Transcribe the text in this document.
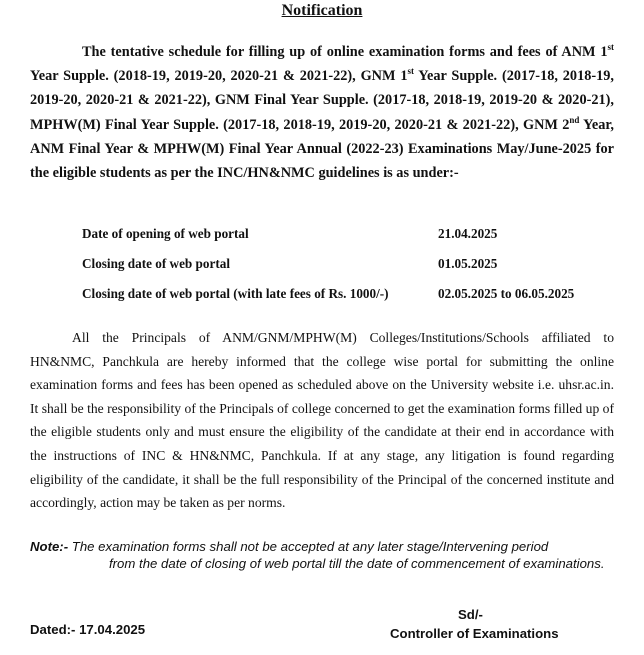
Notification
The tentative schedule for filling up of online examination forms and fees of ANM 1st Year Supple. (2018-19, 2019-20, 2020-21 & 2021-22), GNM 1st Year Supple. (2017-18, 2018-19, 2019-20, 2020-21 & 2021-22), GNM Final Year Supple. (2017-18, 2018-19, 2019-20 & 2020-21), MPHW(M) Final Year Supple. (2017-18, 2018-19, 2019-20, 2020-21 & 2021-22), GNM 2nd Year, ANM Final Year & MPHW(M) Final Year Annual (2022-23) Examinations May/June-2025 for the eligible students as per the INC/HN&NMC guidelines is as under:-
Date of opening of web portal	21.04.2025
Closing date of web portal	01.05.2025
Closing date of web portal (with late fees of Rs. 1000/-)	02.05.2025 to 06.05.2025
All the Principals of ANM/GNM/MPHW(M) Colleges/Institutions/Schools affiliated to HN&NMC, Panchkula are hereby informed that the college wise portal for submitting the online examination forms and fees has been opened as scheduled above on the University website i.e. uhsr.ac.in. It shall be the responsibility of the Principals of college concerned to get the examination forms filled up of the eligible students only and must ensure the eligibility of the candidate at their end in accordance with the instructions of INC & HN&NMC, Panchkula. If at any stage, any litigation is found regarding eligibility of the candidate, it shall be the full responsibility of the Principal of the concerned institute and accordingly, action may be taken as per norms.
Note:- The examination forms shall not be accepted at any later stage/Intervening period
from the date of closing of web portal till the date of commencement of examinations.
Sd/-
Dated:- 17.04.2025	Controller of Examinations
